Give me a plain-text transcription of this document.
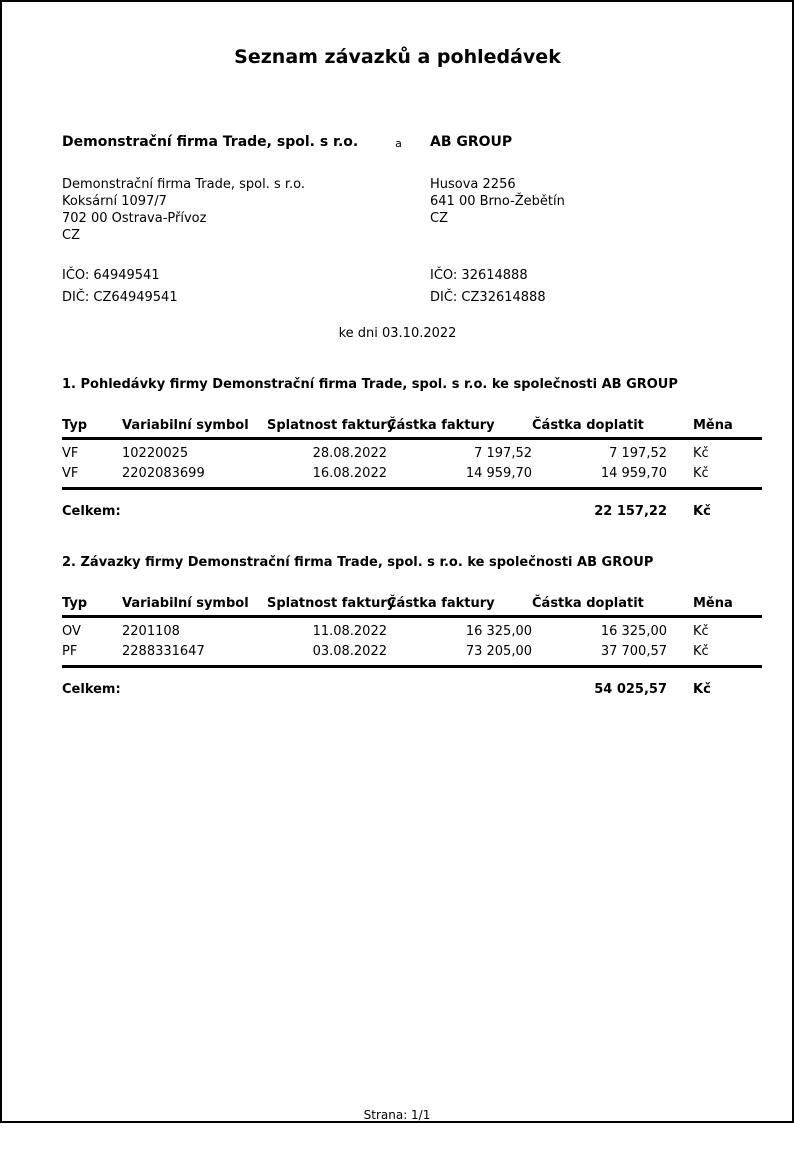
Seznam závazků a pohledávek
Demonstrační firma Trade, spol. s r.o.
Demonstrační firma Trade, spol. s r.o.
Koksární 1097/7
702 00 Ostrava-Přívoz
CZ
a	AB GROUP
Husova 2256
641 00 Brno-Žebětín
CZ
IČO: 64949541
DIČ: CZ64949541
IČO: 32614888
DIČ: CZ32614888
ke dni 03.10.2022
1. Pohledávky firmy Demonstrační firma Trade, spol. s r.o. ke společnosti AB GROUP
Typ	Variabilní symbol	Splatnost faktury	Částka faktury	Částka doplatit	Měna
VF	10220025	28.08.2022	7 197,52	7 197,52	Kč
VF	2202083699	16.08.2022	14 959,70	14 959,70	Kč
Celkem:				22 157,22	Kč
2. Závazky firmy Demonstrační firma Trade, spol. s r.o. ke společnosti AB GROUP
Typ	Variabilní symbol	Splatnost faktury	Částka faktury	Částka doplatit	Měna
OV	2201108	11.08.2022	16 325,00	16 325,00	Kč
PF	2288331647	03.08.2022	73 205,00	37 700,57	Kč
Celkem:				54 025,57	Kč
Strana: 1/1
